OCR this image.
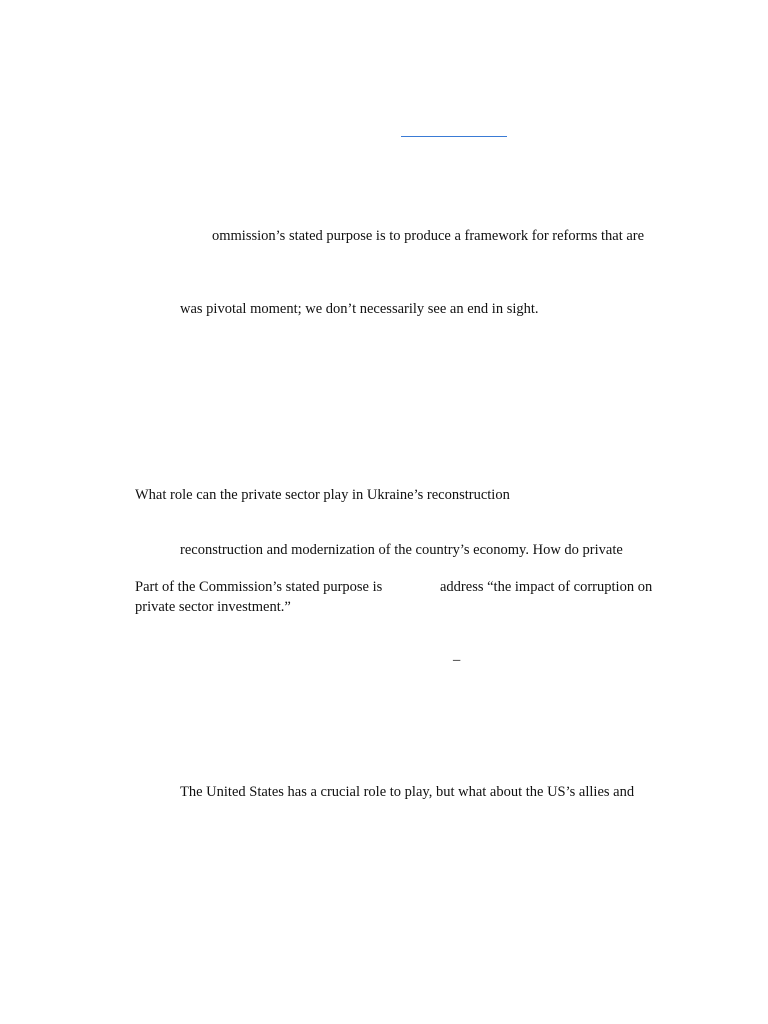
ommission’s stated purpose is to produce a framework for reforms that are
was pivotal moment; we don’t necessarily see an end in sight.
What role can the private sector play in Ukraine’s reconstruction
reconstruction and modernization of the country’s economy. How do private
Part of the Commission’s stated purpose is	address “the impact of corruption on
private sector investment.”
–
The United States has a crucial role to play, but what about the US’s allies and
